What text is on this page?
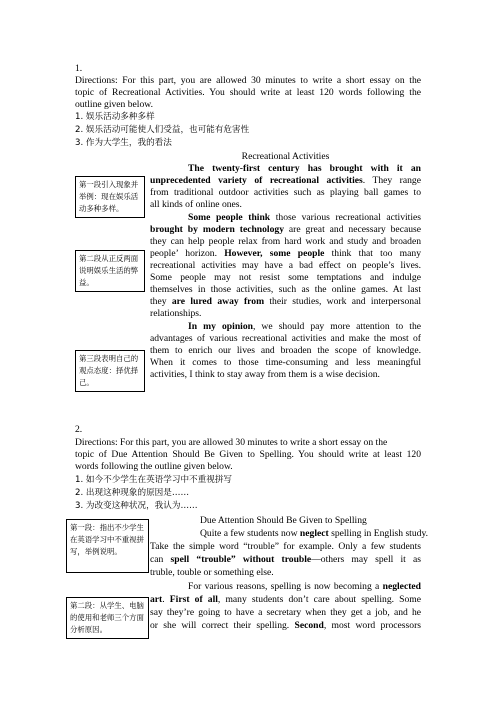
1.
Directions: For this part, you are allowed 30 minutes to write a short essay on the
topic of Recreational Activities. You should write at least 120 words following the
outline given below.
1. 娱乐活动多种多样
2. 娱乐活动可能使人们受益，也可能有危害性
3. 作为大学生，我的看法
Recreational Activities
第一段引入现象并举例：现在娱乐活动多种多样。
第二段从正反两面说明娱乐生活的弊益。
第三段表明自己的观点态度：择优择己。
The twenty-first century has brought with it an
unprecedented variety of recreational activities. They range
from traditional outdoor activities such as playing ball games to
all kinds of online ones.
Some people think those various recreational activities
brought by modern technology are great and necessary because
they can help people relax from hard work and study and broaden
people’ horizon. However, some people think that too many
recreational activities may have a bad effect on people’s lives.
Some people may not resist some temptations and indulge
themselves in those activities, such as the online games. At last
they are lured away from their studies, work and interpersonal
relationships.
In my opinion, we should pay more attention to the
advantages of various recreational activities and make the most of
them to enrich our lives and broaden the scope of knowledge.
When it comes to those time-consuming and less meaningful
activities, I think to stay away from them is a wise decision.
2.
Directions: For this part, you are allowed 30 minutes to write a short essay on the
topic of Due Attention Should Be Given to Spelling. You should write at least 120
words following the outline given below.
1. 如今不少学生在英语学习中不重视拼写
2. 出现这种现象的原因是……
3. 为改变这种状况，我认为……
Due Attention Should Be Given to Spelling
第一段：指出不少学生在英语学习中不重视拼写，举例说明。
第二段：从学生、电脑的使用和老师三个方面分析原因。
Quite a few students now neglect spelling in English study.
Take the simple word “trouble” for example. Only a few students
can spell “trouble” without trouble—others may spell it as
truble, touble or something else.
For various reasons, spelling is now becoming a neglected
art. First of all, many students don’t care about spelling. Some
say they’re going to have a secretary when they get a job, and he
or she will correct their spelling. Second, most word processors
